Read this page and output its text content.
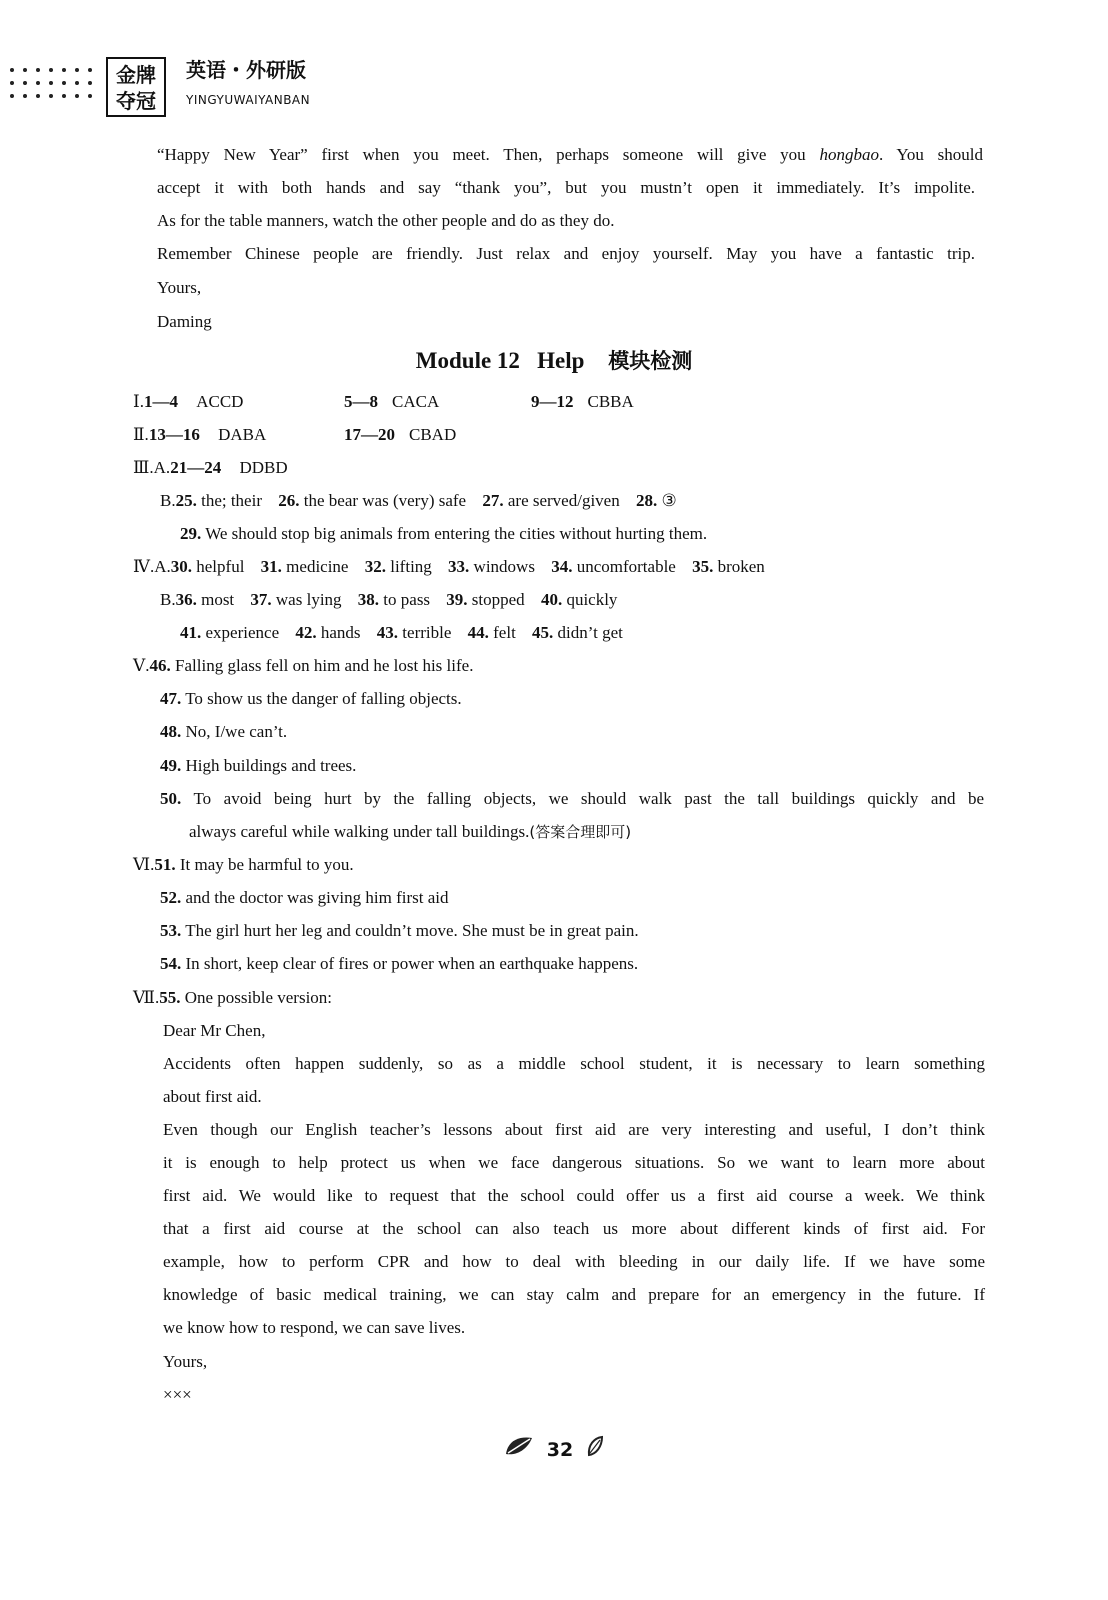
金牌
夺冠
英语・外研版
YINGYUWAIYANBAN
“Happy New Year” first when you meet. Then, perhaps someone will give you hongbao. You should
accept it with both hands and say “thank you”, but you mustn’t open it immediately. It’s impolite.
As for the table manners, watch the other people and do as they do.
Remember Chinese people are friendly. Just relax and enjoy yourself. May you have a fantastic trip.
Yours,
Daming
Module 12   Help 模块检测
Ⅰ.1—4 ACCD	5—8 CACA	9—12 CBBA
Ⅱ.13—16 DABA	17—20 CBAD
Ⅲ.A.21—24 DDBD
B.25. the; their 26. the bear was (very) safe 27. are served/given 28. ③
29. We should stop big animals from entering the cities without hurting them.
Ⅳ.A.30. helpful 31. medicine 32. lifting 33. windows 34. uncomfortable 35. broken
B.36. most 37. was lying 38. to pass 39. stopped 40. quickly
41. experience 42. hands 43. terrible 44. felt 45. didn’t get
Ⅴ.46. Falling glass fell on him and he lost his life.
47. To show us the danger of falling objects.
48. No, I/we can’t.
49. High buildings and trees.
50. To avoid being hurt by the falling objects, we should walk past the tall buildings quickly and be
always careful while walking under tall buildings.(答案合理即可)
Ⅵ.51. It may be harmful to you.
52. and the doctor was giving him first aid
53. The girl hurt her leg and couldn’t move. She must be in great pain.
54. In short, keep clear of fires or power when an earthquake happens.
Ⅶ.55. One possible version:
Dear Mr Chen,
Accidents often happen suddenly, so as a middle school student, it is necessary to learn something
about first aid.
Even though our English teacher’s lessons about first aid are very interesting and useful, I don’t think
it is enough to help protect us when we face dangerous situations. So we want to learn more about
first aid. We would like to request that the school could offer us a first aid course a week. We think
that a first aid course at the school can also teach us more about different kinds of first aid. For
example, how to perform CPR and how to deal with bleeding in our daily life. If we have some
knowledge of basic medical training, we can stay calm and prepare for an emergency in the future. If
we know how to respond, we can save lives.
Yours,
×××
32
